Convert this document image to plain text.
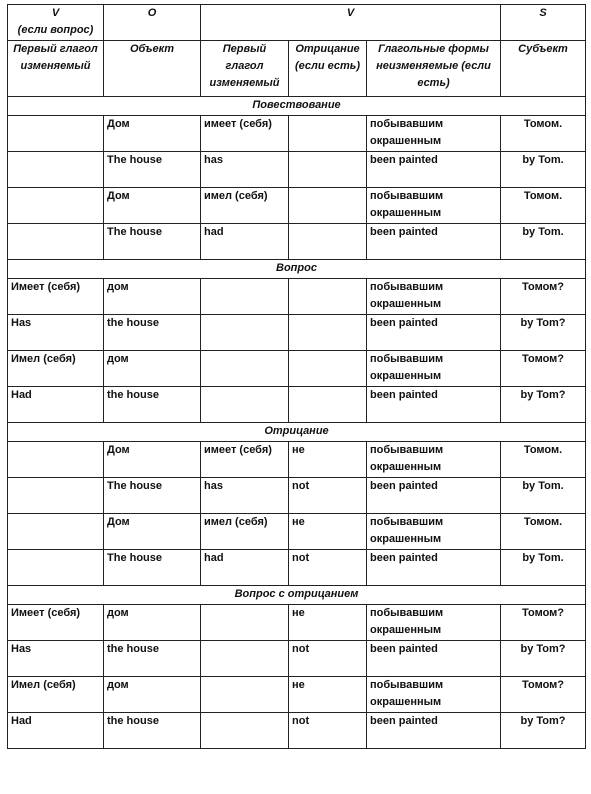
V
(если вопрос)	O	V			S
Первый глагол изменяемый	Объект	Первый глагол изменяемый	Отрицание (если есть)	Глагольные формы неизменяемые (если есть)	Субъект
Повествование					
	Дом	имеет (себя)		побывавшим окрашенным	Томом.
	The house	has		been painted	by Tom.
	Дом	имел (себя)		побывавшим окрашенным	Томом.
	The house	had		been painted	by Tom.
Вопрос					
Имеет (себя)	дом			побывавшим окрашенным	Томом?
Has	the house			been painted	by Tom?
Имел (себя)	дом			побывавшим окрашенным	Томом?
Had	the house			been painted	by Tom?
Отрицание					
	Дом	имеет (себя)	не	побывавшим окрашенным	Томом.
	The house	has	not	been painted	by Tom.
	Дом	имел (себя)	не	побывавшим окрашенным	Томом.
	The house	had	not	been painted	by Tom.
Вопрос с отрицанием					
Имеет (себя)	дом		не	побывавшим окрашенным	Томом?
Has	the house		not	been painted	by Tom?
Имел (себя)	дом		не	побывавшим окрашенным	Томом?
Had	the house		not	been painted	by Tom?
